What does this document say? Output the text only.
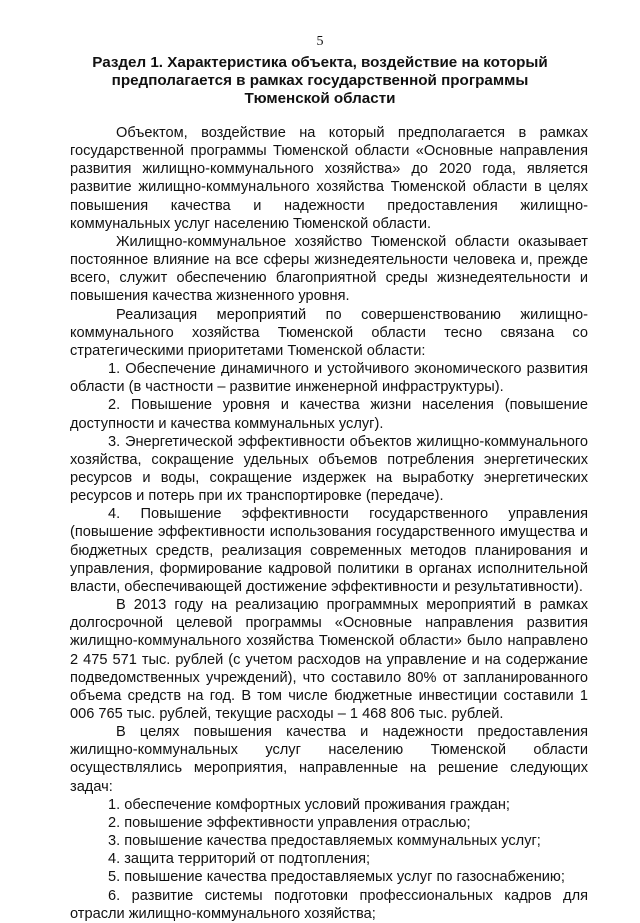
5
Раздел 1. Характеристика объекта, воздействие на который предполагается в рамках государственной программы Тюменской области

Объектом, воздействие на который предполагается в рамках государственной программы Тюменской области «Основные направления развития жилищно-коммунального хозяйства» до 2020 года, является развитие жилищно-коммунального хозяйства Тюменской области в целях повышения качества и надежности предоставления жилищно-коммунальных услуг населению Тюменской области.

Жилищно-коммунальное хозяйство Тюменской области оказывает постоянное влияние на все сферы жизнедеятельности человека и, прежде всего, служит обеспечению благоприятной среды жизнедеятельности и повышения качества жизненного уровня.

Реализация мероприятий по совершенствованию жилищно-коммунального хозяйства Тюменской области тесно связана со стратегическими приоритетами Тюменской области:

1. Обеспечение динамичного и устойчивого экономического развития области (в частности – развитие инженерной инфраструктуры).

2. Повышение уровня и качества жизни населения (повышение доступности и качества коммунальных услуг).

3. Энергетической эффективности объектов жилищно-коммунального хозяйства, сокращение удельных объемов потребления энергетических ресурсов и воды, сокращение издержек на выработку энергетических ресурсов и потерь при их транспортировке (передаче).

4. Повышение эффективности государственного управления (повышение эффективности использования государственного имущества и бюджетных средств, реализация современных методов планирования и управления, формирование кадровой политики в органах исполнительной власти, обеспечивающей достижение эффективности и результативности).

В 2013 году на реализацию программных мероприятий в рамках долгосрочной целевой программы «Основные направления развития жилищно-коммунального хозяйства Тюменской области» было направлено 2 475 571 тыс. рублей (с учетом расходов на управление и на содержание подведомственных учреждений), что составило 80% от запланированного объема средств на год. В том числе бюджетные инвестиции составили 1 006 765 тыс. рублей, текущие расходы – 1 468 806 тыс. рублей.

В целях повышения качества и надежности предоставления жилищно-коммунальных услуг населению Тюменской области осуществлялись мероприятия, направленные на решение следующих задач:

1. обеспечение комфортных условий проживания граждан;

2. повышение эффективности управления отраслью;

3. повышение качества предоставляемых коммунальных услуг;

4. защита территорий от подтопления;

5. повышение качества предоставляемых услуг по газоснабжению;

6. развитие системы подготовки профессиональных кадров для отрасли жилищно-коммунального хозяйства;
